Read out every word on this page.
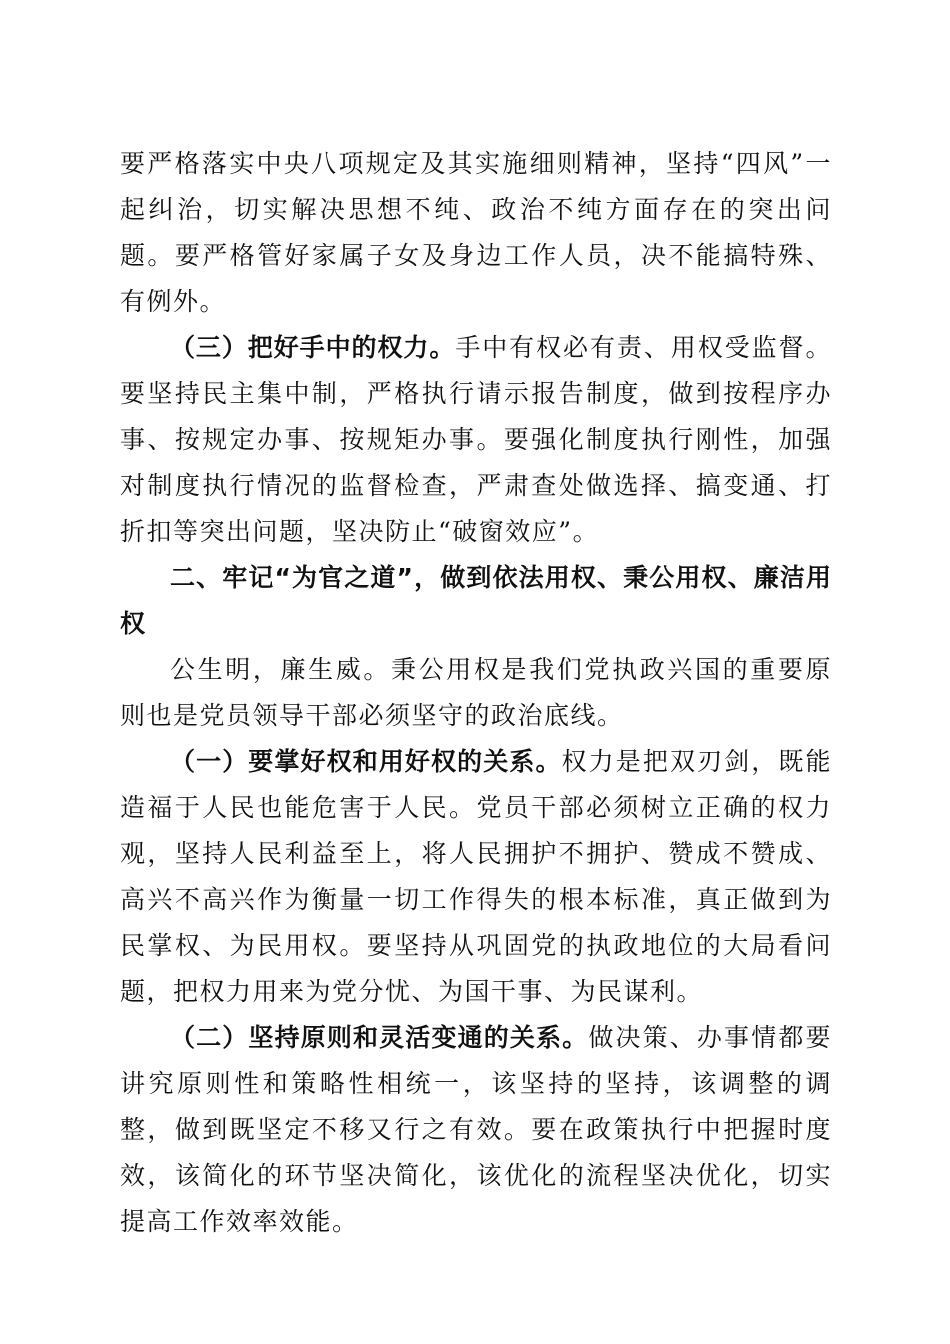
要严格落实中央八项规定及其实施细则精神，坚持“四风”一起纠治，切实解决思想不纯、政治不纯方面存在的突出问题。要严格管好家属子女及身边工作人员，决不能搞特殊、有例外。

（三）把好手中的权力。手中有权必有责、用权受监督。要坚持民主集中制，严格执行请示报告制度，做到按程序办事、按规定办事、按规矩办事。要强化制度执行刚性，加强对制度执行情况的监督检查，严肃查处做选择、搞变通、打折扣等突出问题，坚决防止“破窗效应”。

二、牢记“为官之道”，做到依法用权、秉公用权、廉洁用权

公生明，廉生威。秉公用权是我们党执政兴国的重要原则也是党员领导干部必须坚守的政治底线。

（一）要掌好权和用好权的关系。权力是把双刃剑，既能造福于人民也能危害于人民。党员干部必须树立正确的权力观，坚持人民利益至上，将人民拥护不拥护、赞成不赞成、高兴不高兴作为衡量一切工作得失的根本标准，真正做到为民掌权、为民用权。要坚持从巩固党的执政地位的大局看问题，把权力用来为党分忧、为国干事、为民谋利。

（二）坚持原则和灵活变通的关系。做决策、办事情都要讲究原则性和策略性相统一，该坚持的坚持，该调整的调整，做到既坚定不移又行之有效。要在政策执行中把握时度效，该简化的环节坚决简化，该优化的流程坚决优化，切实提高工作效率效能。
